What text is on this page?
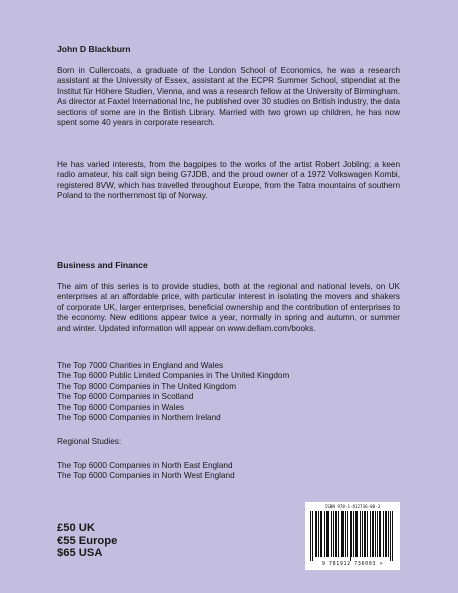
John D Blackburn

Born in Cullercoats, a graduate of the London School of Economics, he was a research assistant at the University of Essex, assistant at the ECPR Summer School, stipendiat at the Institut für Höhere Studien, Vienna, and was a research fellow at the University of Birmingham. As director at Faxtel International Inc, he published over 30 studies on British industry, the data sections of some are in the British Library. Married with two grown up children, he has now spent some 40 years in corporate research.

He has varied interests, from the bagpipes to the works of the artist Robert Jobling; a keen radio amateur, his call sign being G7JDB, and the proud owner of a 1972 Volkswagen Kombi, registered 8VW, which has travelled throughout Europe, from the Tatra mountains of southern Poland to the northernmost tip of Norway.

Business and Finance

The aim of this series is to provide studies, both at the regional and national levels, on UK enterprises at an affordable price, with particular interest in isolating the movers and shakers of corporate UK, larger enterprises, beneficial ownership and the contribution of enterprises to the economy. New editions appear twice a year, normally in spring and autumn, or summer and winter. Updated information will appear on www.dellam.com/books.

The Top 7000 Charities in England and Wales
The Top 6000 Public Limited Companies in The United Kingdom
The Top 8000 Companies in The United Kingdom
The Top 6000 Companies in Scotland
The Top 6000 Companies in Wales
The Top 6000 Companies in Northern Ireland

Regional Studies:

The Top 6000 Companies in North East England
The Top 6000 Companies in North West England
£50 UK
€55 Europe
$65 USA
ISBN 978-1-912736-00-3
9 781912 736003 >
